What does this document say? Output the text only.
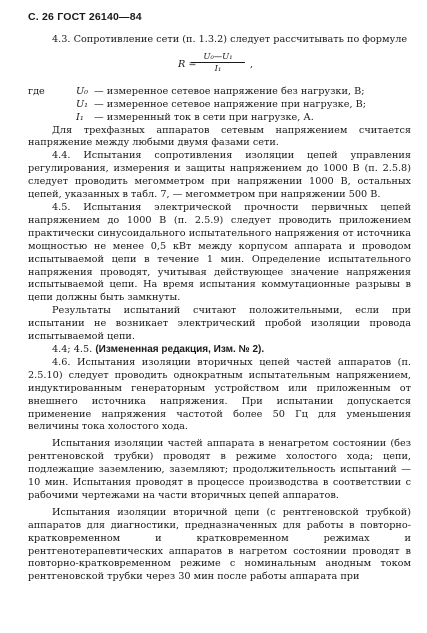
С. 26 ГОСТ 26140—84

4.3. Сопротивление сети (п. 1.3.2) следует рассчитывать по формуле

R =
$\frac{\text{U₀—U₁}}{\text{I₁}}$ ,
где	U₀ — измеренное сетевое напряжение без нагрузки, В;
U₁ — измеренное сетевое напряжение при нагрузке, В;
I₁ — измеренный ток в сети при нагрузке, А.

Для трехфазных аппаратов сетевым напряжением считается напряжение между любыми двумя фазами сети.

4.4. Испытания сопротивления изоляции цепей управления регулирования, измерения и защиты напряжением до 1000 В (п. 2.5.8) следует проводить мегомметром при напряжении 1000 В, остальных цепей, указанных в табл. 7, — мегомметром при напряжении 500 В.

4.5. Испытания электрической прочности первичных цепей напряжением до 1000 В (п. 2.5.9) следует проводить приложением практически синусоидального испытательного напряжения от источника мощностью не менее 0,5 кВт между корпусом аппарата и проводом испытываемой цепи в течение 1 мин. Определение испытательного напряжения проводят, учитывая действующее значение напряжения испытываемой цепи. На время испытания коммутационные разрывы в цепи должны быть замкнуты.

Результаты испытаний считают положительными, если при испытании не возникает электрический пробой изоляции провода испытываемой цепи.

4.4; 4.5. (Измененная редакция, Изм. № 2).

4.6. Испытания изоляции вторичных цепей частей аппаратов (п. 2.5.10) следует проводить однократным испытательным напряжением, индуктированным генераторным устройством или приложенным от внешнего источника напряжения. При испытании допускается применение напряжения частотой более 50 Гц для уменьшения величины тока холостого хода.

Испытания изоляции частей аппарата в ненагретом состоянии (без рентгеновской трубки) проводят в режиме холостого хода; цепи, подлежащие заземлению, заземляют; продолжительность испытаний — 10 мин. Испытания проводят в процессе производства в соответствии с рабочими чертежами на части вторичных цепей аппаратов.

Испытания изоляции вторичной цепи (с рентгеновской трубкой) аппаратов для диагностики, предназначенных для работы в повторно-кратковременном и кратковременном режимах и рентгенотерапевтических аппаратов в нагретом состоянии проводят в повторно-кратковременном режиме с номинальным анодным током рентгеновской трубки через 30 мин после работы аппарата при
